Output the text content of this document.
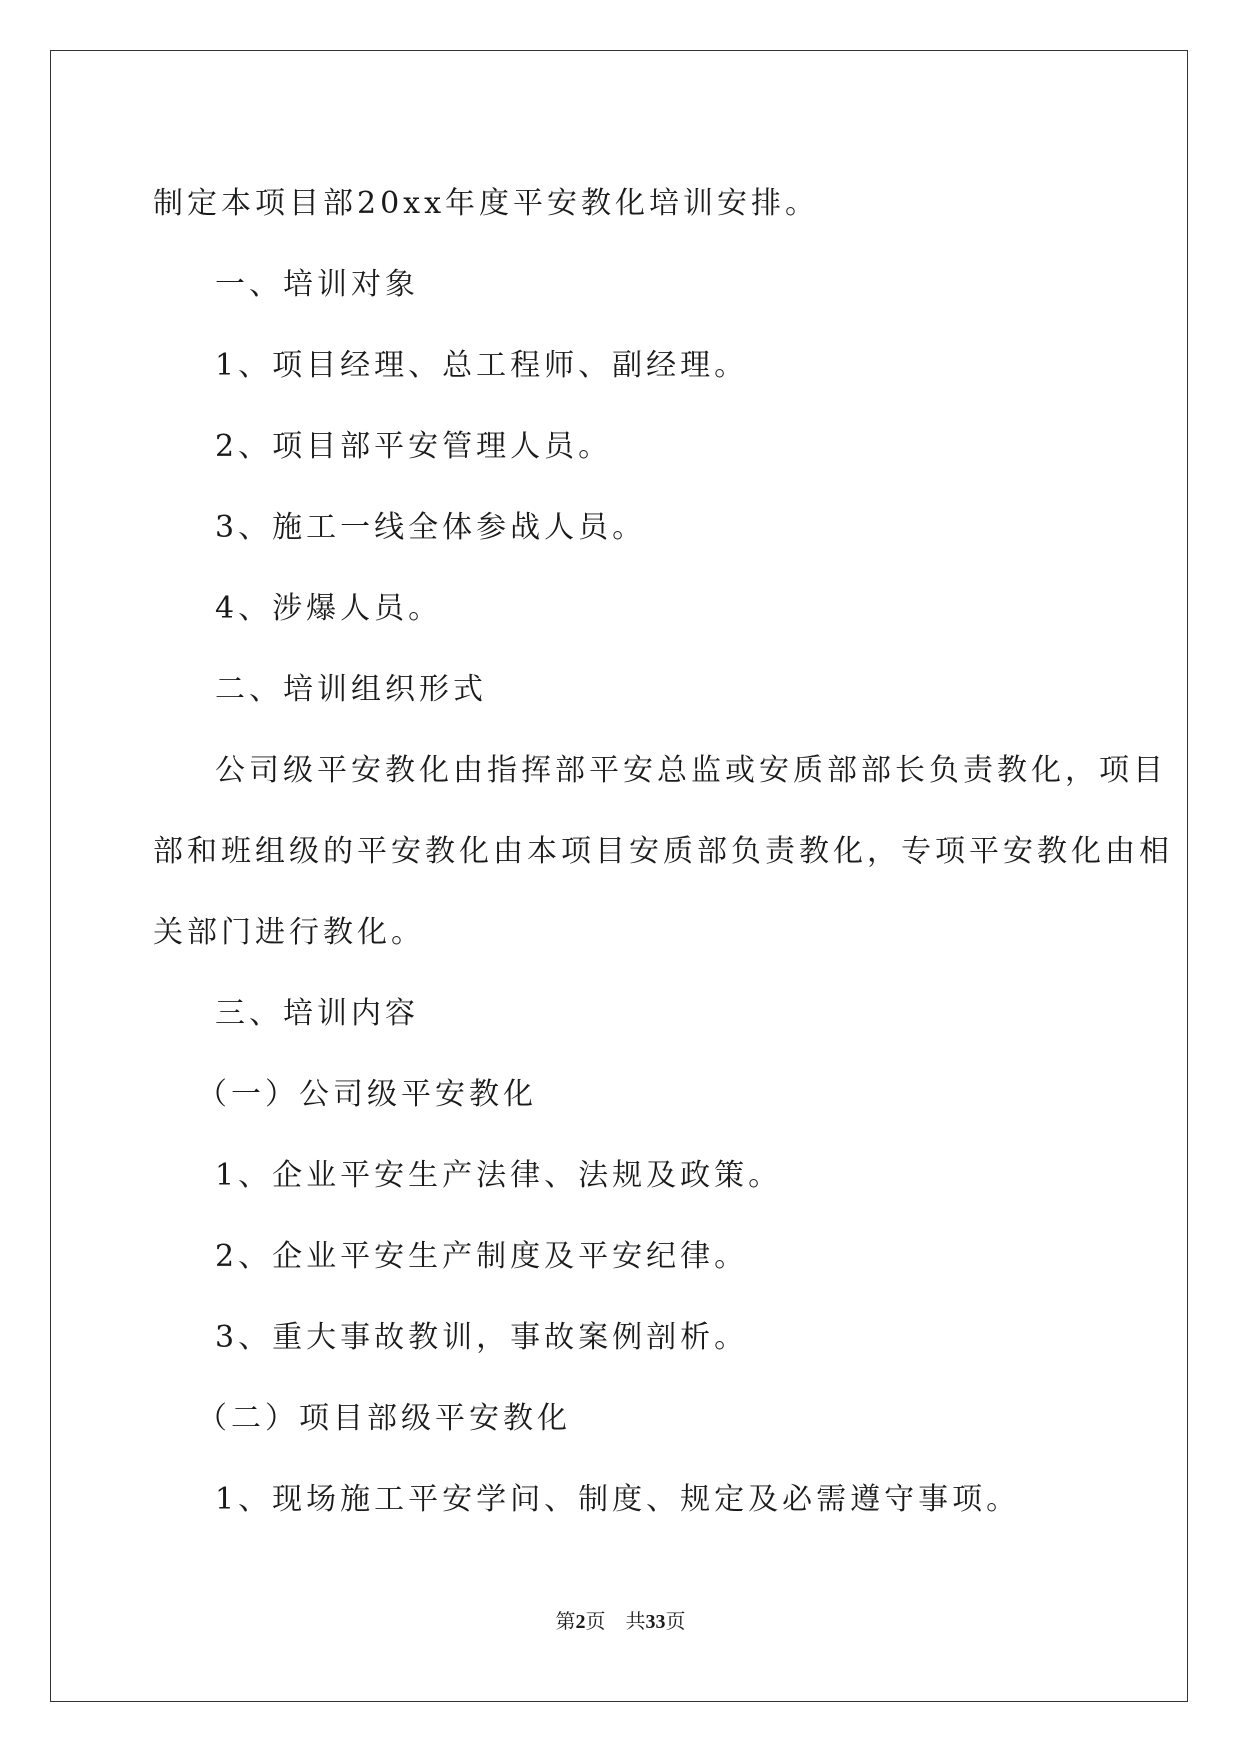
制定本项目部20xx年度平安教化培训安排。
一、培训对象
1、项目经理、总工程师、副经理。
2、项目部平安管理人员。
3、施工一线全体参战人员。
4、涉爆人员。
二、培训组织形式
公司级平安教化由指挥部平安总监或安质部部长负责教化，项目
部和班组级的平安教化由本项目安质部负责教化，专项平安教化由相
关部门进行教化。
三、培训内容
（一）公司级平安教化
1、企业平安生产法律、法规及政策。
2、企业平安生产制度及平安纪律。
3、重大事故教训，事故案例剖析。
（二）项目部级平安教化
1、现场施工平安学问、制度、规定及必需遵守事项。
第2页 共33页
